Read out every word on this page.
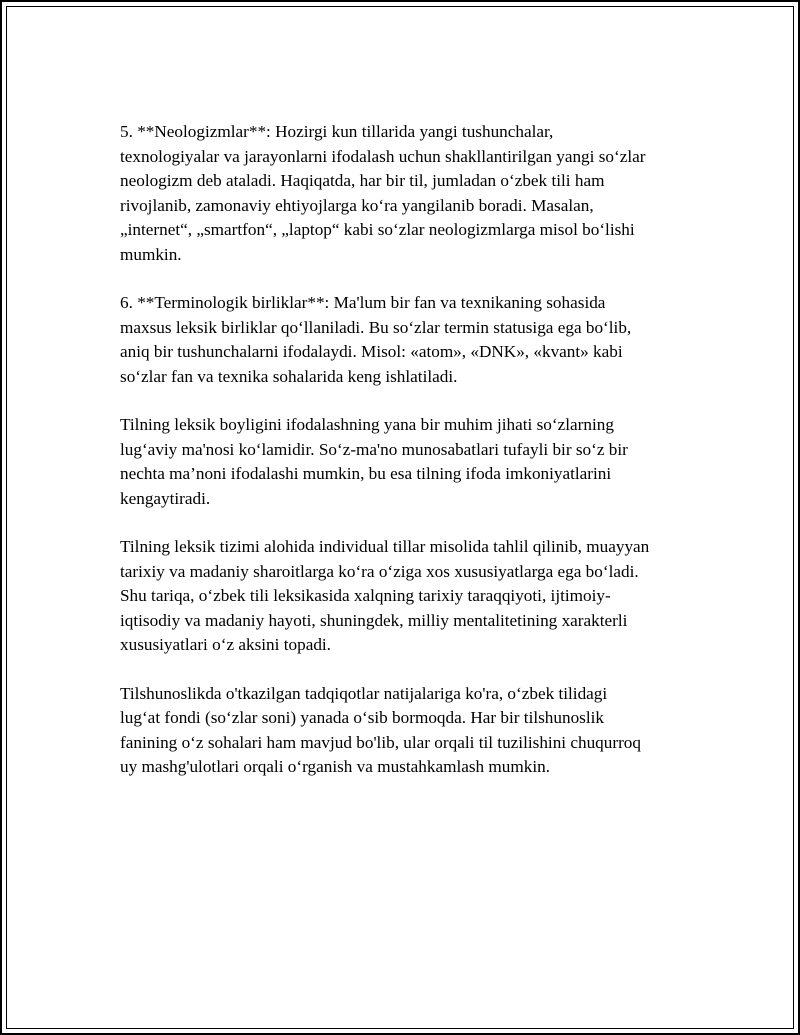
5. **Neologizmlar**: Hozirgi kun tillarida yangi tushunchalar,
texnologiyalar va jarayonlarni ifodalash uchun shakllantirilgan yangi so‘zlar
neologizm deb ataladi. Haqiqatda, har bir til, jumladan o‘zbek tili ham
rivojlanib, zamonaviy ehtiyojlarga ko‘ra yangilanib boradi. Masalan,
„internet“, „smartfon“, „laptop“ kabi so‘zlar neologizmlarga misol bo‘lishi
mumkin.

6. **Terminologik birliklar**: Ma'lum bir fan va texnikaning sohasida
maxsus leksik birliklar qo‘llaniladi. Bu so‘zlar termin statusiga ega bo‘lib,
aniq bir tushunchalarni ifodalaydi. Misol: «atom», «DNK», «kvant» kabi
so‘zlar fan va texnika sohalarida keng ishlatiladi.

Tilning leksik boyligini ifodalashning yana bir muhim jihati so‘zlarning
lug‘aviy ma'nosi ko‘lamidir. So‘z-ma'no munosabatlari tufayli bir so‘z bir
nechta ma’noni ifodalashi mumkin, bu esa tilning ifoda imkoniyatlarini
kengaytiradi.

Tilning leksik tizimi alohida individual tillar misolida tahlil qilinib, muayyan
tarixiy va madaniy sharoitlarga ko‘ra o‘ziga xos xususiyatlarga ega bo‘ladi.
Shu tariqa, o‘zbek tili leksikasida xalqning tarixiy taraqqiyoti, ijtimoiy-
iqtisodiy va madaniy hayoti, shuningdek, milliy mentalitetining xarakterli
xususiyatlari o‘z aksini topadi.

Tilshunoslikda o'tkazilgan tadqiqotlar natijalariga ko'ra, o‘zbek tilidagi
lug‘at fondi (so‘zlar soni) yanada o‘sib bormoqda. Har bir tilshunoslik
fanining o‘z sohalari ham mavjud bo'lib, ular orqali til tuzilishini chuqurroq
uy mashg'ulotlari orqali o‘rganish va mustahkamlash mumkin.
